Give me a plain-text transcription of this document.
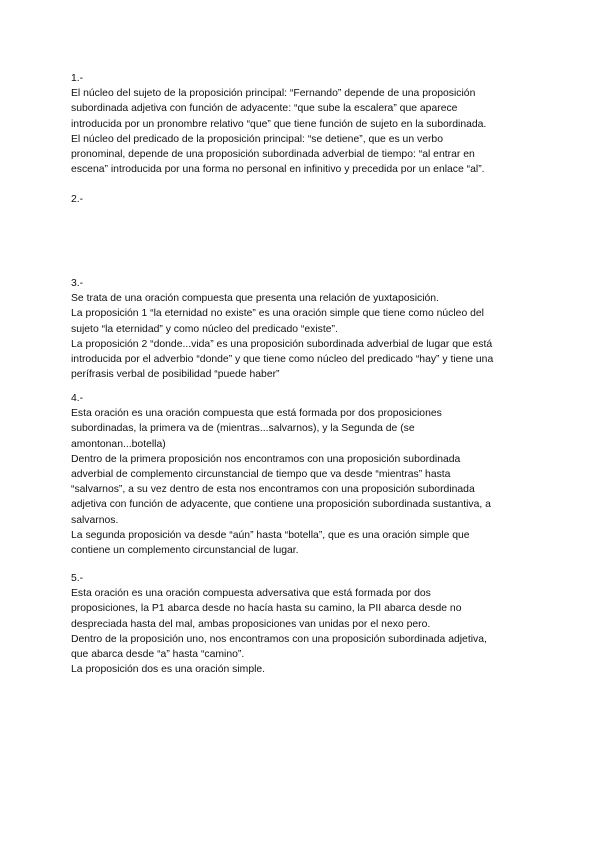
1.-
El núcleo del sujeto de la proposición principal: “Fernando” depende de una proposición
subordinada adjetiva con función de adyacente: “que sube la escalera” que aparece
introducida por un pronombre relativo “que” que tiene función de sujeto en la subordinada.
El núcleo del predicado de la proposición principal: “se detiene”, que es un verbo
pronominal, depende de una proposición subordinada adverbial de tiempo: “al entrar en
escena” introducida por una forma no personal en infinitivo y precedida por un enlace “al”.
2.-
3.-
Se trata de una oración compuesta que presenta una relación de yuxtaposición.
La proposición 1 “la eternidad no existe” es una oración simple que tiene como núcleo del
sujeto “la eternidad” y como núcleo del predicado “existe”.
La proposición 2 “donde...vida” es una proposición subordinada adverbial de lugar que está
introducida por el adverbio “donde” y que tiene como núcleo del predicado “hay” y tiene una
perífrasis verbal de posibilidad “puede haber”
4.-
Esta oración es una oración compuesta que está formada por dos proposiciones
subordinadas, la primera va de (mientras...salvarnos), y la Segunda de (se
amontonan...botella)
Dentro de la primera proposición nos encontramos con una proposición subordinada
adverbial de complemento circunstancial de tiempo que va desde “mientras” hasta
“salvarnos”, a su vez dentro de esta nos encontramos con una proposición subordinada
adjetiva con función de adyacente, que contiene una proposición subordinada sustantiva, a
salvarnos.
La segunda proposición va desde “aún” hasta “botella”, que es una oración simple que
contiene un complemento circunstancial de lugar.
5.-
Esta oración es una oración compuesta adversativa que está formada por dos
proposiciones, la P1 abarca desde no hacía hasta su camino, la PII abarca desde no
despreciada hasta del mal, ambas proposiciones van unidas por el nexo pero.
Dentro de la proposición uno, nos encontramos con una proposición subordinada adjetiva,
que abarca desde “a” hasta “camino”.
La proposición dos es una oración simple.
